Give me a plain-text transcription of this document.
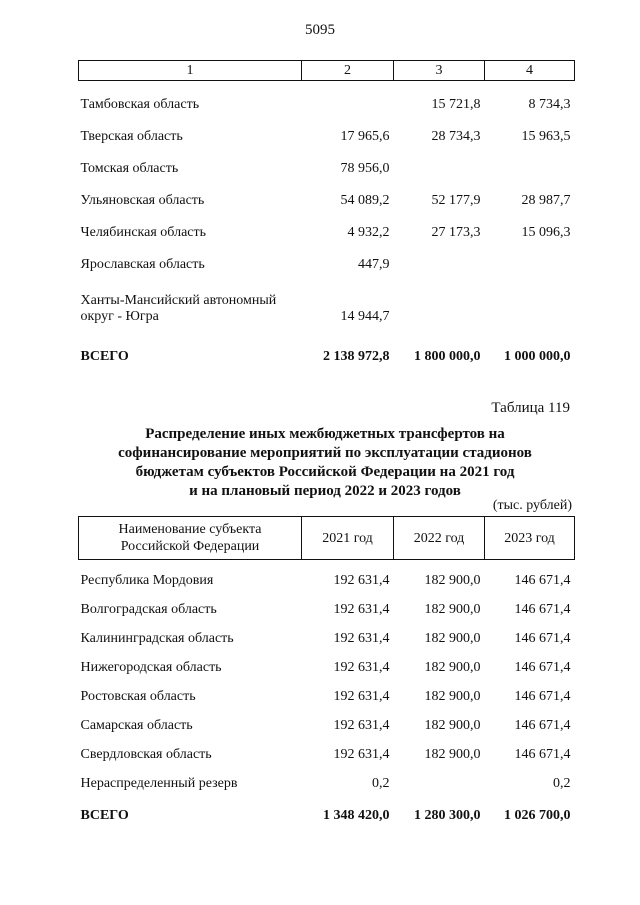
5095
1	2	3	4
Тамбовская область		15 721,8	8 734,3
Тверская область	17 965,6	28 734,3	15 963,5
Томская область	78 956,0		
Ульяновская область	54 089,2	52 177,9	28 987,7
Челябинская область	4 932,2	27 173,3	15 096,3
Ярославская область	447,9		
Ханты-Мансийский автономный
округ - Югра	14 944,7		
ВСЕГО	2 138 972,8	1 800 000,0	1 000 000,0
Таблица 119
Распределение иных межбюджетных трансфертов на
софинансирование мероприятий по эксплуатации стадионов
бюджетам субъектов Российской Федерации на 2021 год
и на плановый период 2022 и 2023 годов
(тыс. рублей)
Наименование субъекта
Российской Федерации	2021 год	2022 год	2023 год
Республика Мордовия	192 631,4	182 900,0	146 671,4
Волгоградская область	192 631,4	182 900,0	146 671,4
Калининградская область	192 631,4	182 900,0	146 671,4
Нижегородская область	192 631,4	182 900,0	146 671,4
Ростовская область	192 631,4	182 900,0	146 671,4
Самарская область	192 631,4	182 900,0	146 671,4
Свердловская область	192 631,4	182 900,0	146 671,4
Нераспределенный резерв	0,2		0,2
ВСЕГО	1 348 420,0	1 280 300,0	1 026 700,0
